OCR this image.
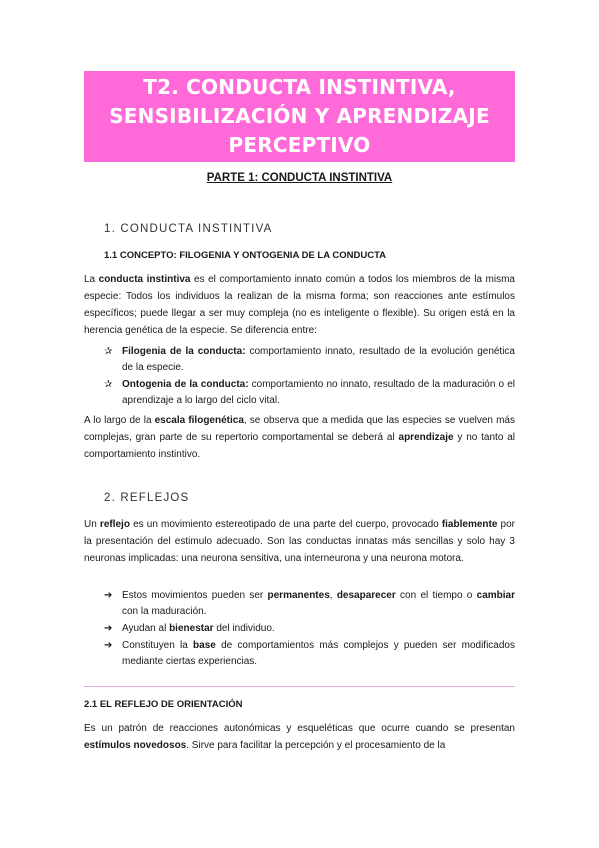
T2. CONDUCTA INSTINTIVA,
SENSIBILIZACIÓN Y APRENDIZAJE
PERCEPTIVO
PARTE 1: CONDUCTA INSTINTIVA
1. CONDUCTA INSTINTIVA
1.1 CONCEPTO: FILOGENIA Y ONTOGENIA DE LA CONDUCTA
La conducta instintiva es el comportamiento innato común a todos los miembros de la misma especie: Todos los individuos la realizan de la misma forma; son reacciones ante estímulos específicos; puede llegar a ser muy compleja (no es inteligente o flexible). Su origen está en la herencia genética de la especie. Se diferencia entre:
✰ Filogenia de la conducta: comportamiento innato, resultado de la evolución genética de la especie.
✰ Ontogenia de la conducta: comportamiento no innato, resultado de la maduración o el aprendizaje a lo largo del ciclo vital.
A lo largo de la escala filogenética, se observa que a medida que las especies se vuelven más complejas, gran parte de su repertorio comportamental se deberá al aprendizaje y no tanto al comportamiento instintivo.
2. REFLEJOS
Un reflejo es un movimiento estereotipado de una parte del cuerpo, provocado fiablemente por la presentación del estimulo adecuado. Son las conductas innatas más sencillas y solo hay 3 neuronas implicadas: una neurona sensitiva, una interneurona y una neurona motora.
➔ Estos movimientos pueden ser permanentes, desaparecer con el tiempo o cambiar con la maduración.
➔ Ayudan al bienestar del individuo.
➔ Constituyen la base de comportamientos más complejos y pueden ser modificados mediante ciertas experiencias.
2.1 EL REFLEJO DE ORIENTACIÓN
Es un patrón de reacciones autonómicas y esqueléticas que ocurre cuando se presentan estímulos novedosos. Sirve para facilitar la percepción y el procesamiento de la
